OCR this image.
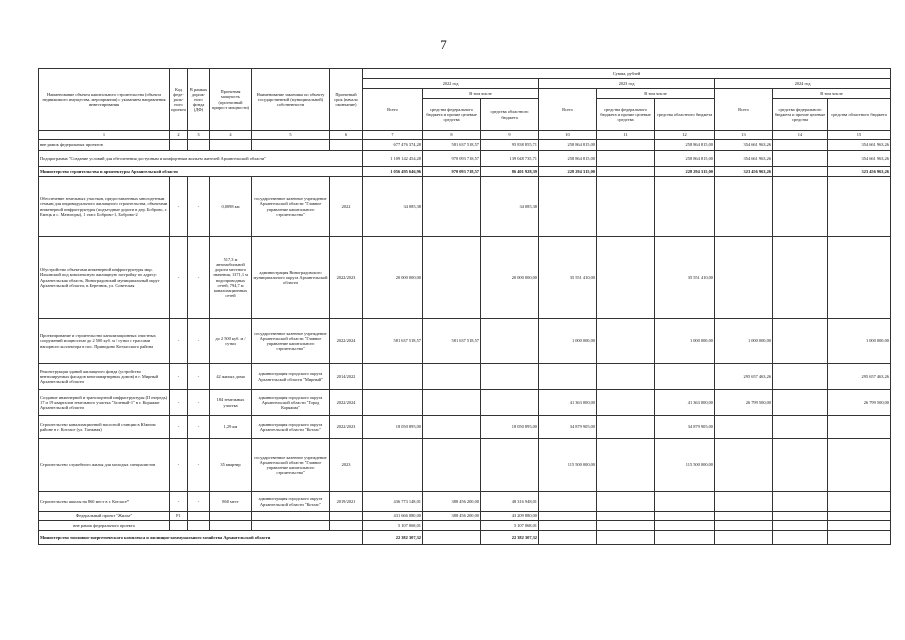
7
Наименование объекта капитального строительства (объекта недвижимого имущества, мероприятия) с указанием направления инвестирования	Код феде-раль-ного проекта	В рамках дорож-ного фонда (ДФ)	Проектная мощность (прогнозный прирост мощности)	Наименование заказчика по объекту государственной (муниципальной) собственности	Проектный срок (начало окончание)	Сумма, рублей								
						2022 год			2023 год			2024 год		
						Всего	В том числе		Всего	В том числе		Всего	В том числе	
							средства федерального бюджета и прочие целевые средства	средства областного бюджета		средства федерального бюджета и прочие целевые средства	средства областного бюджета		средства федерального бюджета и прочие целевые средства	средства областного бюджета
1	2	3	4	5	6	7	8	9	10	11	12	13	14	15
вне рамок федеральных проектов						677 476 374,28	581 637 518,57	95 838 855,71	258 864 815,00		258 864 815,00	354 661 963,26		354 661 963,26
Подпрограмма "Создание условий для обеспечения доступным и комфортным жильем жителей Архангельской области"						1 109 142 454,28	970 093 718,57	139 048 735,71	258 864 815,00		258 864 815,00	354 661 963,26		354 661 963,26
Министерство строительства и архитектуры Архангельской области						1 056 495 646,96	970 093 718,57	86 401 928,39	228 294 315,00		228 294 315,00	323 456 963,26		323 456 963,26
Обеспечение земельных участков, предоставленных многодетным семьям для индивидуального жилищного строительства, объектами инженерной инфраструктуры (подъездные дороги в дер. Боброво, г. Емецк и с. Матигоры), 1 этап: Боброво-1, Боброво-2	-	-	0,0098 км	государственное казенное учреждение Архангельской области "Главное управление капитального строительства"	2022	34 085,38		34 085,38						
Обустройство объектами инженерной инфраструктуры мкр. Ильинский под комплексную жилищную застройку по адресу: Архангельская область, Виноградовский муниципальный округ Архангельской области, п.Березник, ул. Советская	-	-	517,3 м автомобильной дороги местного значения, 1371,1 м водопроводных сетей, 794,7 м канализационных сетей	администрация Виноградовского муниципального округа Архангельской области	2022/2023	20 000 000,00		20 000 000,00	35 551 410,00		35 551 410,00			
Проектирование и строительство канализационных очистных сооружений мощностью до 2 500 куб. м / сутки с трассами напорного коллектора в пос. Приводино Котласского района	-	-	до 2 500 куб. м / сутки	государственное казенное учреждение Архангельской области "Главное управление капитального строительства"	2022/2024	581 637 518,57	581 637 518,57		1 000 000,00		1 000 000,00	1 000 000,00		1 000 000,00
Реконструкция зданий жилищного фонда (устройство вентилируемых фасадов многоквартирных домов) в г. Мирный Архангельской области	-	-	42 жилых дома	администрация городского округа Архангельской области "Мирный"	2014/2022							295 657 463,26		295 657 463,26
Создание инженерной и транспортной инфраструктуры (II очередь) 17 и 19 кварталов земельного участка "Зеленый-1" в г. Коряжме Архангельской области	-	-	184 земельных участка	администрация городского округа Архангельской области "Город Коряжма"	2022/2024				41 363 000,00		41 363 000,00	26 799 500,00		26 799 500,00
Строительство канализационной насосной станции в Южном районе в г. Котласе (ул. Таежная)	-	-	1,29 км	администрация городского округа Архангельской области "Котлас"	2022/2023	18 050 895,00		18 050 895,00	34 879 905,00		34 879 905,00			
Строительство служебного жилья для молодых специалистов	-	-	35 квартир	государственное казенное учреждение Архангельской области "Главное управление капитального строительства"	2023				115 500 000,00		115 500 000,00			
Строительство школы на 860 мест в г. Котласе*	-	-	860 мест	администрация городского округа Архангельской области "Котлас"	2019/2021	436 773 148,01	388 456 200,00	48 316 948,01						
Федеральный проект "Жилье"	F1					431 666 080,00	388 456 200,00	43 209 880,00						
вне рамок федерального проекта						5 107 068,01		5 107 068,01						
Министерство топливно-энергетического комплекса и жилищно-коммунального хозяйства Архангельской области						22 382 307,32		22 382 307,32						
